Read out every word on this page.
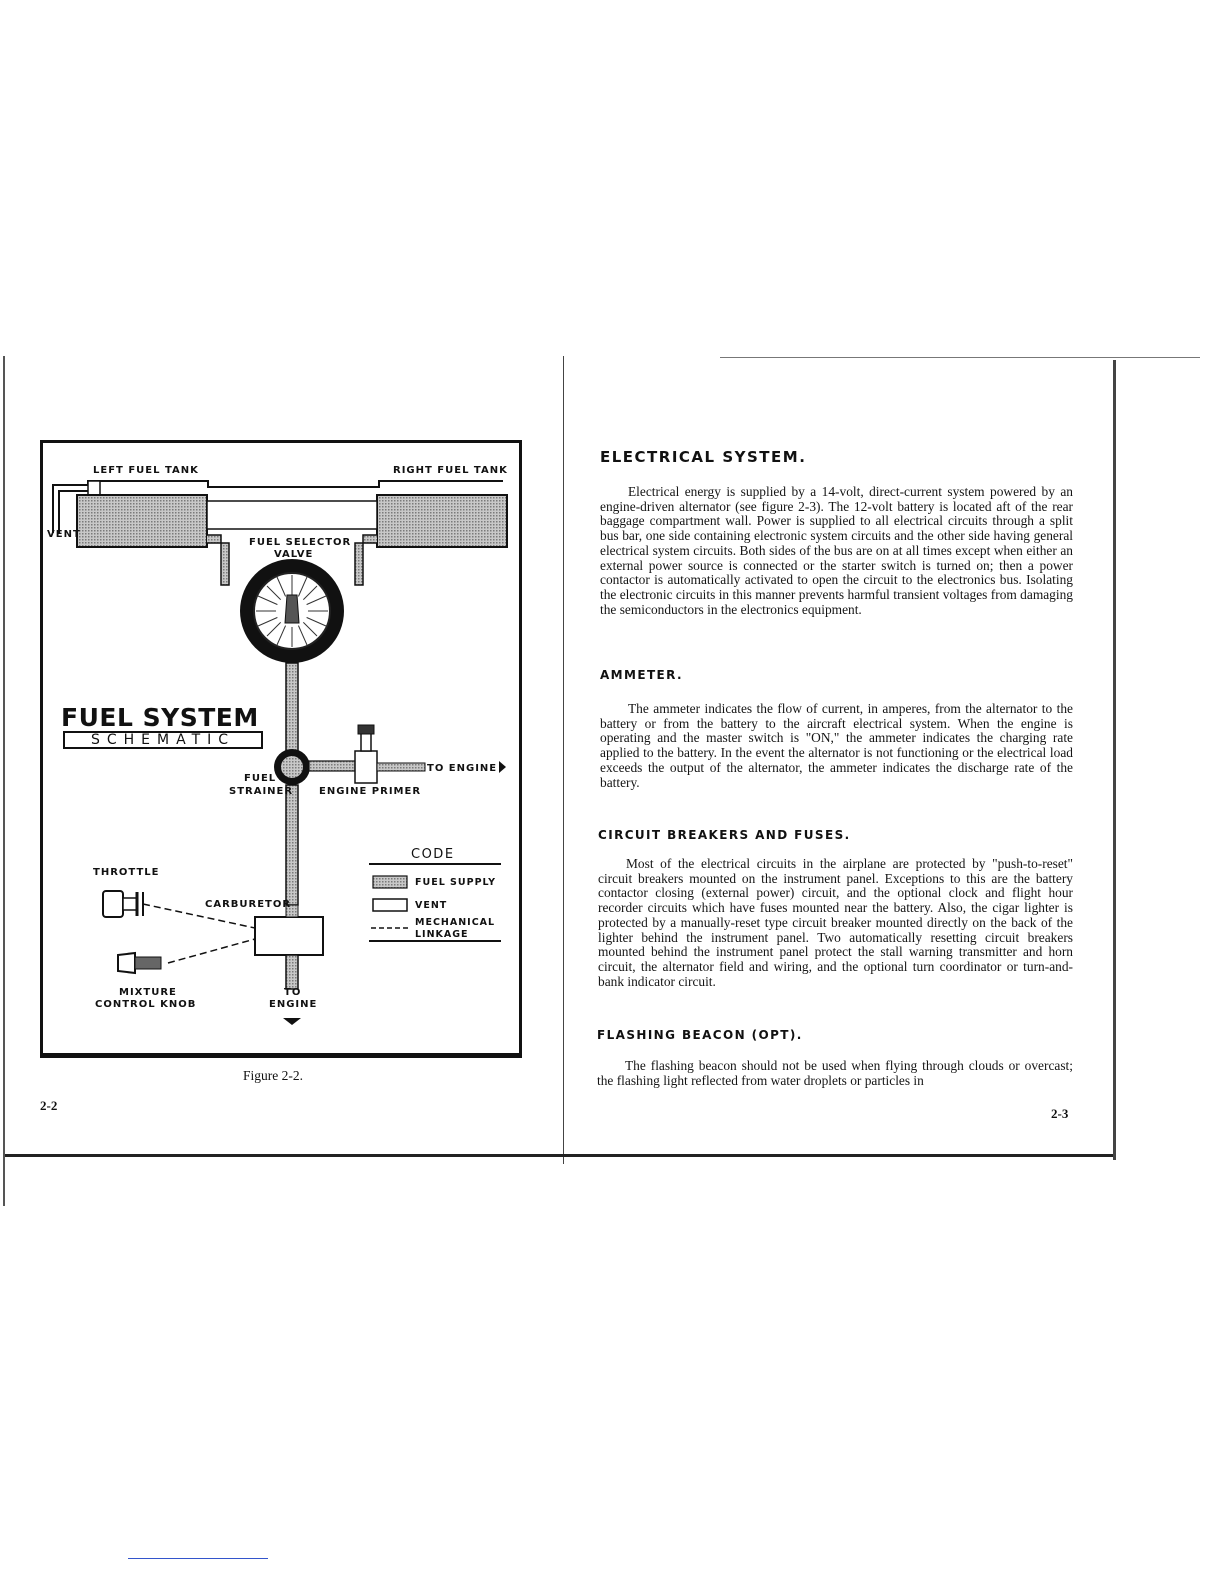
LEFT FUEL TANK	RIGHT FUEL TANK
VENT
FUEL SELECTOR
VALVE
FUEL SYSTEM
SCHEMATIC
FUEL
STRAINER	ENGINE PRIMER
TO ENGINE
THROTTLE
CARBURETOR
MIXTURE
CONTROL KNOB
TO
ENGINE
CODE
FUEL SUPPLY
VENT
MECHANICAL
LINKAGE
Figure 2-2.
2-2
ELECTRICAL SYSTEM.

Electrical energy is supplied by a 14-volt, direct-current system powered by an engine-driven alternator (see figure 2-3). The 12-volt battery is located aft of the rear baggage compartment wall. Power is supplied to all electrical circuits through a split bus bar, one side containing electronic system circuits and the other side having general electrical system circuits. Both sides of the bus are on at all times except when either an external power source is connected or the starter switch is turned on; then a power contactor is automatically activated to open the circuit to the electronics bus. Isolating the electronic circuits in this manner prevents harmful transient voltages from damaging the semiconductors in the electronics equipment.

AMMETER.

The ammeter indicates the flow of current, in amperes, from the alternator to the battery or from the battery to the aircraft electrical system. When the engine is operating and the master switch is "ON," the ammeter indicates the charging rate applied to the battery. In the event the alternator is not functioning or the electrical load exceeds the output of the alternator, the ammeter indicates the discharge rate of the battery.

CIRCUIT BREAKERS AND FUSES.

Most of the electrical circuits in the airplane are protected by "push-to-reset" circuit breakers mounted on the instrument panel. Exceptions to this are the battery contactor closing (external power) circuit, and the optional clock and flight hour recorder circuits which have fuses mounted near the battery. Also, the cigar lighter is protected by a manually-reset type circuit breaker mounted directly on the back of the lighter behind the instrument panel. Two automatically resetting circuit breakers mounted behind the instrument panel protect the stall warning transmitter and horn circuit, the alternator field and wiring, and the optional turn coordinator or turn-and-bank indicator circuit.

FLASHING BEACON (OPT).

The flashing beacon should not be used when flying through clouds or overcast; the flashing light reflected from water droplets or particles in

2-3
